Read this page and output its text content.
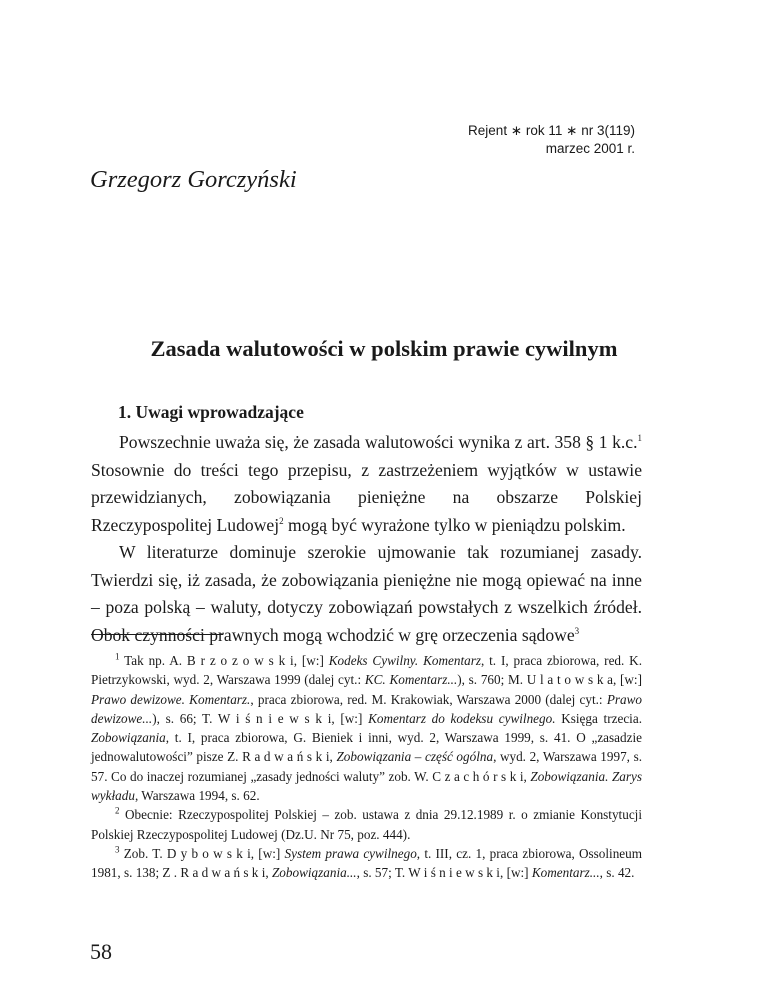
Rejent ∗ rok 11 ∗ nr 3(119)
marzec 2001 r.
Grzegorz Gorczyński
Zasada walutowości w polskim prawie cywilnym
1. Uwagi wprowadzające

Powszechnie uważa się, że zasada walutowości wynika z art. 358 § 1 k.c.$^1$ Stosownie do treści tego przepisu, z zastrzeżeniem wyjątków w ustawie przewidzianych, zobowiązania pieniężne na obszarze Polskiej Rzeczypospolitej Ludowej$^2$ mogą być wyrażone tylko w pieniądzu polskim.

W literaturze dominuje szerokie ujmowanie tak rozumianej zasady. Twierdzi się, iż zasada, że zobowiązania pieniężne nie mogą opiewać na inne – poza polską – waluty, dotyczy zobowiązań powstałych z wszelkich źródeł. Obok czynności prawnych mogą wchodzić w grę orzeczenia sądowe$^3$

$^1$ Tak np. A. B r z o z o w s k i, [w:] Kodeks Cywilny. Komentarz, t. I, praca zbiorowa, red. K. Pietrzykowski, wyd. 2, Warszawa 1999 (dalej cyt.: KC. Komentarz...), s. 760; M. U l a t o w s k a, [w:] Prawo dewizowe. Komentarz., praca zbiorowa, red. M. Krakowiak, Warszawa 2000 (dalej cyt.: Prawo dewizowe...), s. 66; T. W i ś n i e w s k i, [w:] Komentarz do kodeksu cywilnego. Księga trzecia. Zobowiązania, t. I, praca zbiorowa, G. Bieniek i inni, wyd. 2, Warszawa 1999, s. 41. O „zasadzie jednowalutowości” pisze Z. R a d w a ń s k i, Zobowiązania – część ogólna, wyd. 2, Warszawa 1997, s. 57. Co do inaczej rozumianej „zasady jedności waluty” zob. W. C z a c h ó r s k i, Zobowiązania. Zarys wykładu, Warszawa 1994, s. 62.

$^2$ Obecnie: Rzeczypospolitej Polskiej – zob. ustawa z dnia 29.12.1989 r. o zmianie Konstytucji Polskiej Rzeczypospolitej Ludowej (Dz.U. Nr 75, poz. 444).

$^3$ Zob. T. D y b o w s k i, [w:] System prawa cywilnego, t. III, cz. 1, praca zbiorowa, Ossolineum 1981, s. 138; Z . R a d w a ń s k i, Zobowiązania..., s. 57; T. W i ś n i e w s k i, [w:] Komentarz..., s. 42.

58
